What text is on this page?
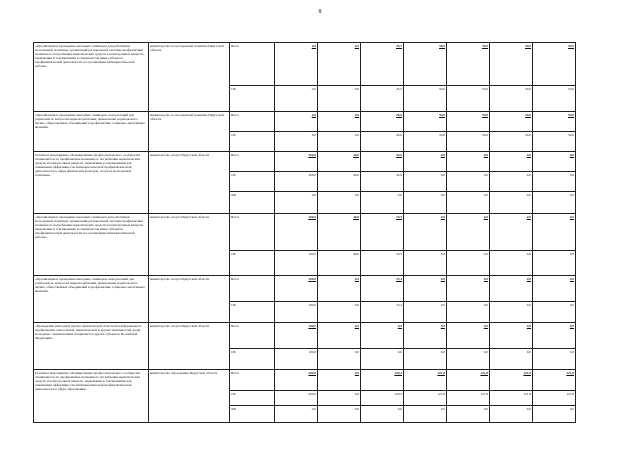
8
«Организация и проведение выездных семинаров для работников молодежной политики, организаций региональной системы профилактики незаконного потребления наркотических средств и психотропных веществ, наркомании и токсикомании и специалистов иных субъектов профилактической деятельности по организации антинаркотической работы»	министерство по молодежной политике Иркутской области	Всего	0,0	0,0	25,5	50,0	50,0	50,0	50,0
		ОБ	0,0	0,0	25,5	50,0	50,0	50,0	50,0
«Организация и проведение выездных семинаров, консультаций для родителей по вопросам наркопотребления, привлечение родительского актива, общественных объединений к профилактике социально-негативных явлений»	министерство по молодежной политике Иркутской области	Всего	0,0	0,0	29,6	50,0	50,0	50,0	50,0
		ОБ	0,0	0,0	29,6	50,0	50,0	50,0	50,0
Основное мероприятие «Формирование профессионального сообщества специалистов по профилактике незаконного потребления наркотических средств и психотропных веществ, наркомании и токсикомании для повышения эффективности антинаркотической профилактической деятельности в сфере физической культуры, спорта и молодежной политики»	министерство спорта Иркутской области	Всего	300,0	40,0	34,9	0,0	0,0	0,0	0,0
		ОБ	300,0	40,0	34,9	0,0	0,0	0,0	0,0
		ФБ	0,0	0,0	0,0	0,0	0,0	0,0	0,0
«Организация и проведение выездных семинаров для работников молодежной политики, организаций региональной системы профилактики незаконного потребления наркотических средств и психотропных веществ, наркомании и токсикомании и специалистов иных субъектов профилактической деятельности по организации антинаркотической работы»	министерство спорта Иркутской области	Всего	100,0	40,0	19,5	0,0	0,0	0,0	0,0
		ОБ	100,0	40,0	19,5	0,0	0,0	0,0	0,0
«Организация и проведение выездных семинаров, консультаций для родителей по вопросам наркопотребления, привлечение родительского актива, общественных объединений к профилактике социально-негативных явлений»	министерство спорта Иркутской области	Всего	100,0	0,0	15,4	0,0	0,0	0,0	0,0
		ОБ	100,0	0,0	15,4	0,0	0,0	0,0	0,0
«Проведение ежегодной научно-практической областной конференции по профилактике алкогольной, наркотической и других зависимостей среди молодежи с привлечением специалистов других субъектов Российской Федерации»	министерство спорта Иркутской области	Всего	100,0	0,0	0,0	0,0	0,0	0,0	0,0
		ОБ	100,0	0,0	0,0	0,0	0,0	0,0	0,0
Основное мероприятие «Формирование профессионального сообщества специалистов по профилактике незаконного потребления наркотических средств и психотропных веществ, наркомании и токсикомании для повышения эффективности антинаркотической профилактической деятельности в сфере образования»	министерство образования Иркутской области	Всего	200,0	0,0	120,2	121,8	121,8	121,8	121,8
		ОБ	200,0	0,0	120,2	121,8	121,8	121,8	121,8
		ФБ	0,0	0,0	0,0	0,0	0,0	0,0	0,0
